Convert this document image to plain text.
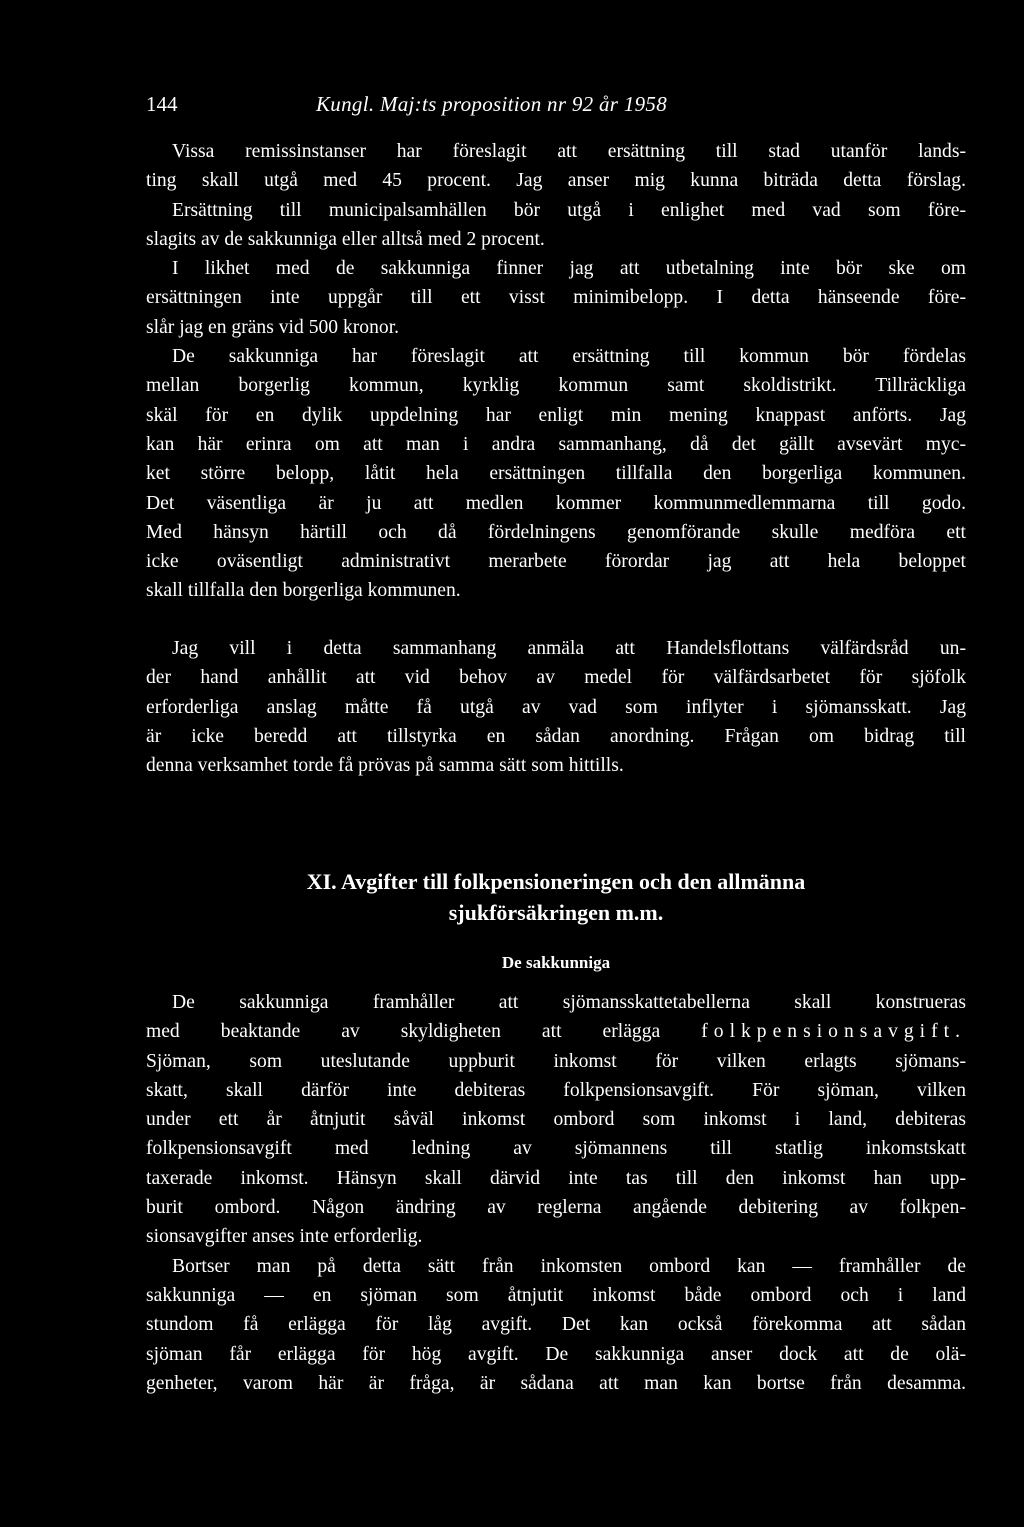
144	Kungl. Maj:ts proposition nr 92 år 1958
Vissa remissinstanser har föreslagit att ersättning till stad utanför lands-
ting skall utgå med 45 procent. Jag anser mig kunna biträda detta förslag.
Ersättning till municipalsamhällen bör utgå i enlighet med vad som före-
slagits av de sakkunniga eller alltså med 2 procent.
I likhet med de sakkunniga finner jag att utbetalning inte bör ske om
ersättningen inte uppgår till ett visst minimibelopp. I detta hänseende före-
slår jag en gräns vid 500 kronor.
De sakkunniga har föreslagit att ersättning till kommun bör fördelas
mellan borgerlig kommun, kyrklig kommun samt skoldistrikt. Tillräckliga
skäl för en dylik uppdelning har enligt min mening knappast anförts. Jag
kan här erinra om att man i andra sammanhang, då det gällt avsevärt myc-
ket större belopp, låtit hela ersättningen tillfalla den borgerliga kommunen.
Det väsentliga är ju att medlen kommer kommunmedlemmarna till godo.
Med hänsyn härtill och då fördelningens genomförande skulle medföra ett
icke oväsentligt administrativt merarbete förordar jag att hela beloppet
skall tillfalla den borgerliga kommunen.
Jag vill i detta sammanhang anmäla att Handelsflottans välfärdsråd un-
der hand anhållit att vid behov av medel för välfärdsarbetet för sjöfolk
erforderliga anslag måtte få utgå av vad som inflyter i sjömansskatt. Jag
är icke beredd att tillstyrka en sådan anordning. Frågan om bidrag till
denna verksamhet torde få prövas på samma sätt som hittills.
XI. Avgifter till folkpensioneringen och den allmänna
sjukförsäkringen m.m.
De sakkunniga
De sakkunniga framhåller att sjömansskattetabellerna skall konstrueras
med beaktande av skyldigheten att erlägga folkpensionsavgift.
Sjöman, som uteslutande uppburit inkomst för vilken erlagts sjömans-
skatt, skall därför inte debiteras folkpensionsavgift. För sjöman, vilken
under ett år åtnjutit såväl inkomst ombord som inkomst i land, debiteras
folkpensionsavgift med ledning av sjömannens till statlig inkomstskatt
taxerade inkomst. Hänsyn skall därvid inte tas till den inkomst han upp-
burit ombord. Någon ändring av reglerna angående debitering av folkpen-
sionsavgifter anses inte erforderlig.
Bortser man på detta sätt från inkomsten ombord kan — framhåller de
sakkunniga — en sjöman som åtnjutit inkomst både ombord och i land
stundom få erlägga för låg avgift. Det kan också förekomma att sådan
sjöman får erlägga för hög avgift. De sakkunniga anser dock att de olä-
genheter, varom här är fråga, är sådana att man kan bortse från desamma.
